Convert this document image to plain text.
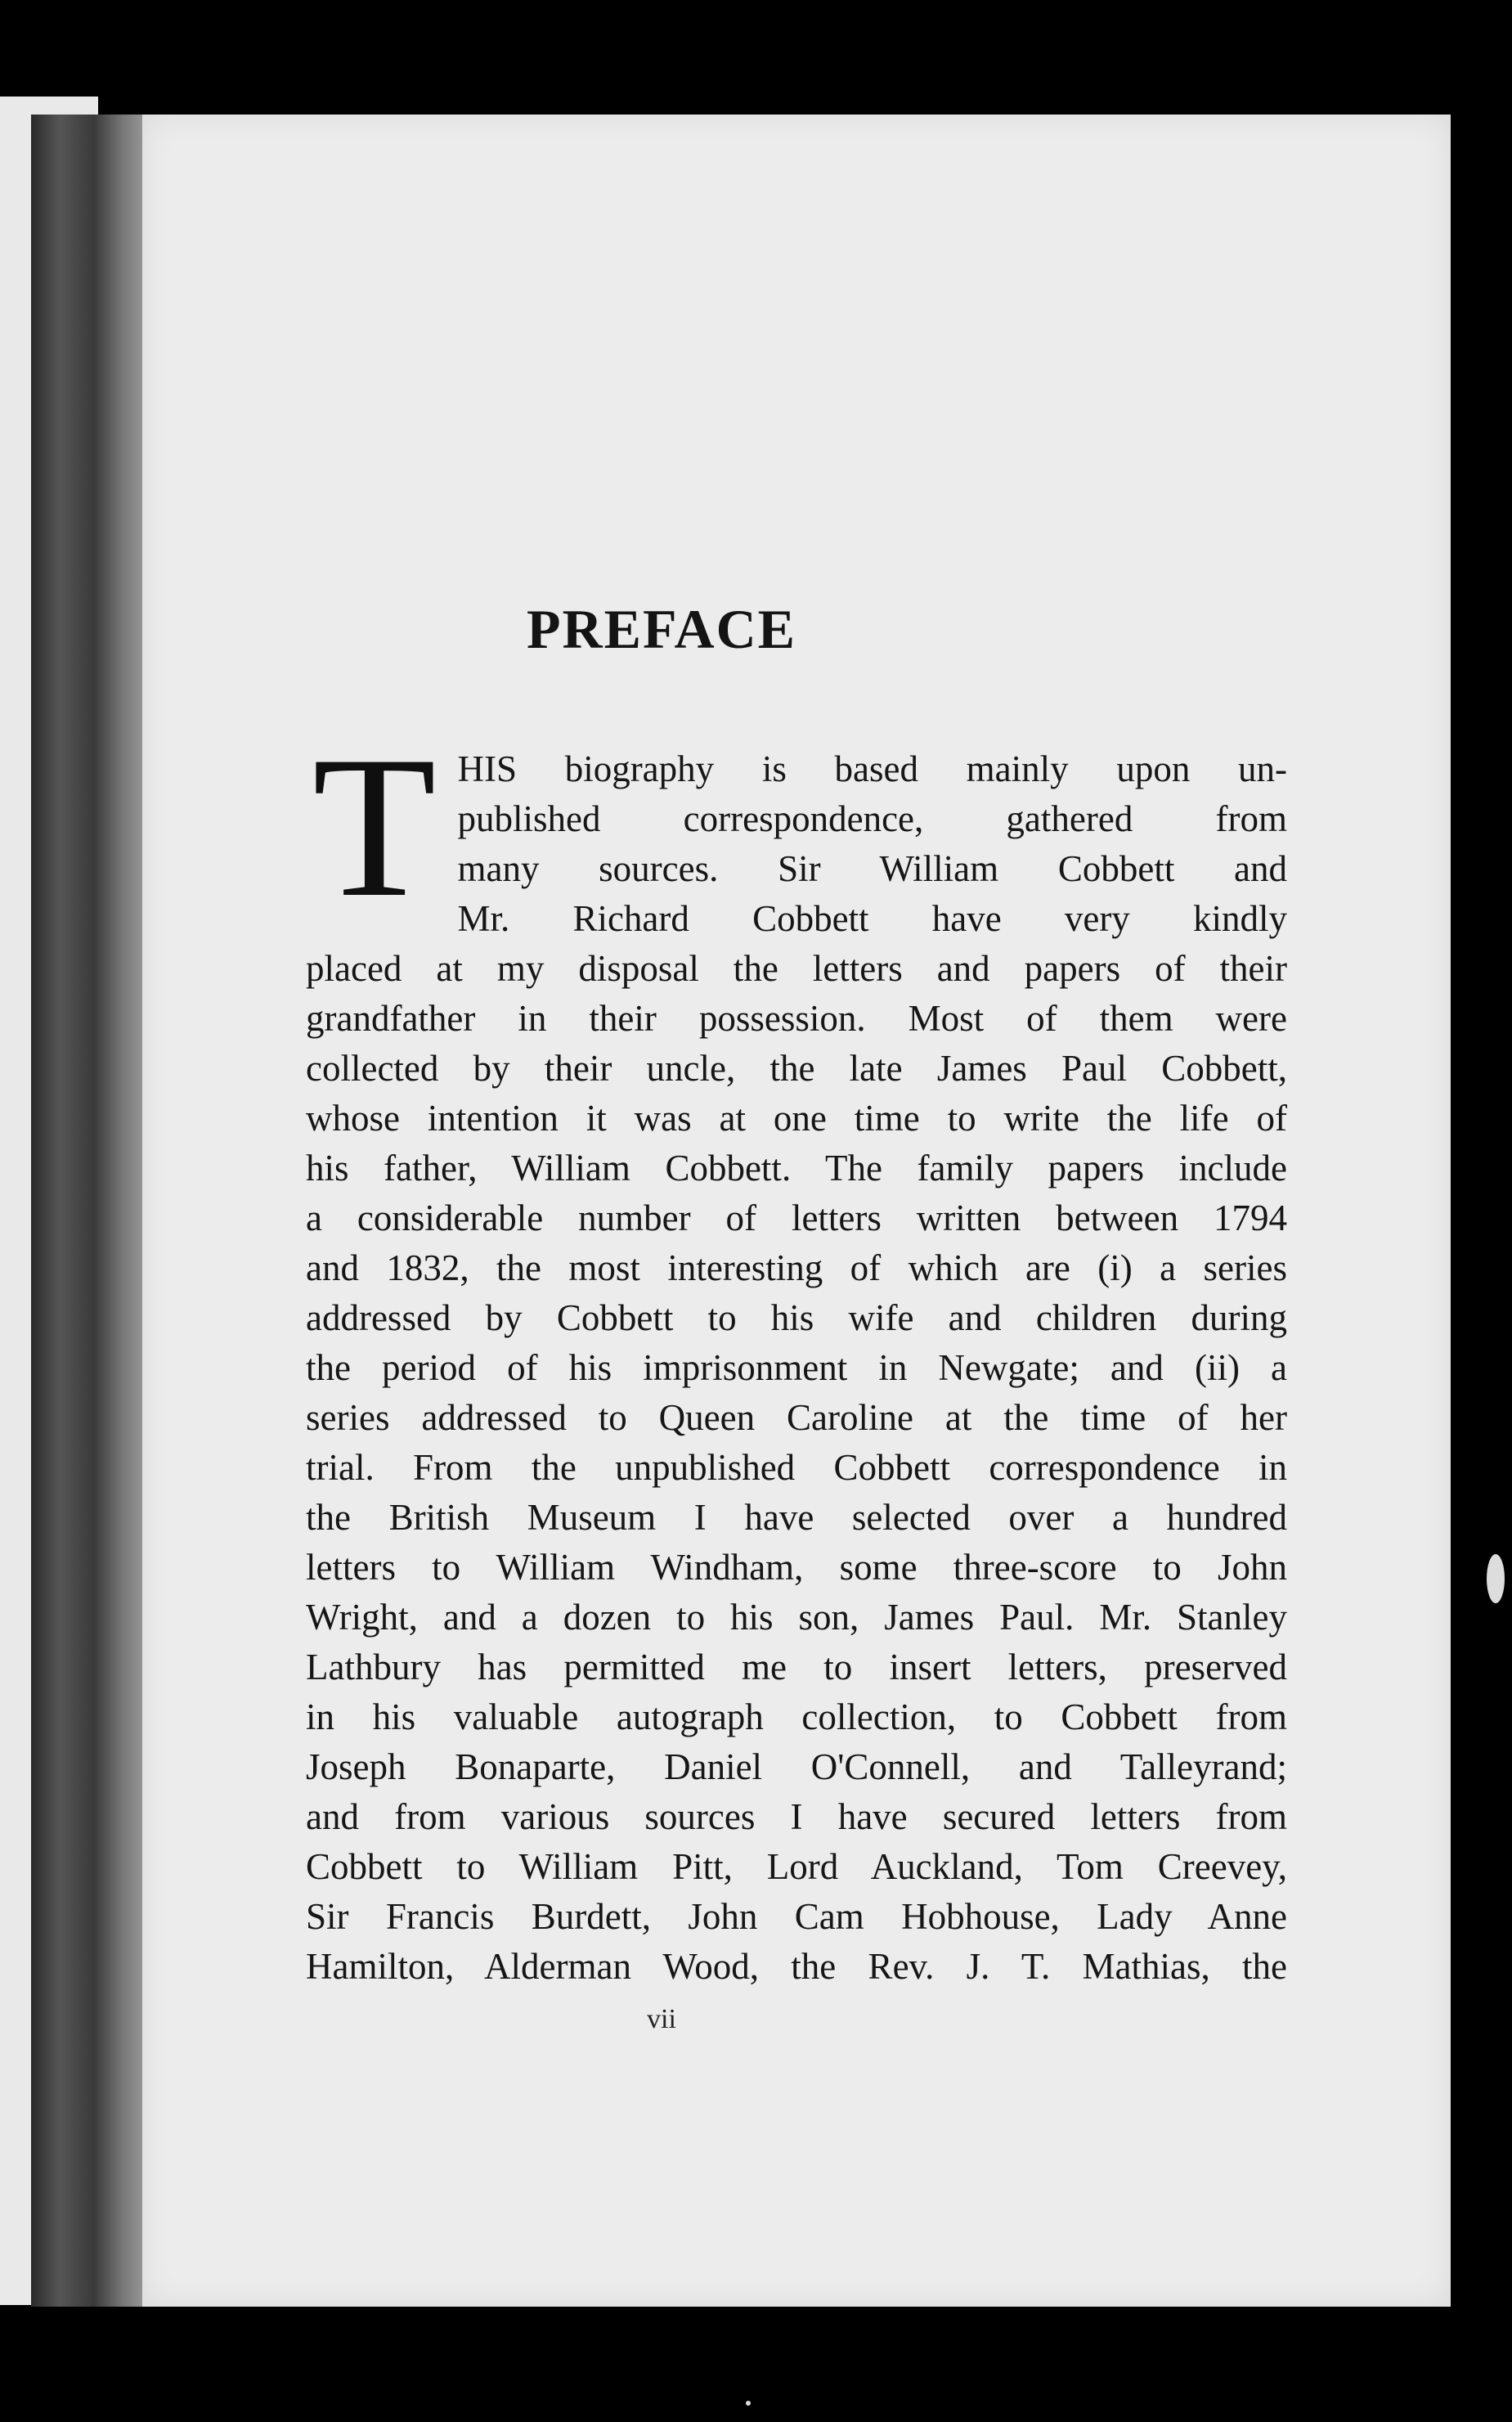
PREFACE
T HIS biography is based mainly upon un-
published correspondence, gathered from
many sources. Sir William Cobbett and
Mr. Richard Cobbett have very kindly
placed at my disposal the letters and papers of their
grandfather in their possession. Most of them were
collected by their uncle, the late James Paul Cobbett,
whose intention it was at one time to write the life of
his father, William Cobbett. The family papers include
a considerable number of letters written between 1794
and 1832, the most interesting of which are (i) a series
addressed by Cobbett to his wife and children during
the period of his imprisonment in Newgate; and (ii) a
series addressed to Queen Caroline at the time of her
trial. From the unpublished Cobbett correspondence in
the British Museum I have selected over a hundred
letters to William Windham, some three-score to John
Wright, and a dozen to his son, James Paul. Mr. Stanley
Lathbury has permitted me to insert letters, preserved
in his valuable autograph collection, to Cobbett from
Joseph Bonaparte, Daniel O'Connell, and Talleyrand;
and from various sources I have secured letters from
Cobbett to William Pitt, Lord Auckland, Tom Creevey,
Sir Francis Burdett, John Cam Hobhouse, Lady Anne
Hamilton, Alderman Wood, the Rev. J. T. Mathias, the
vii
